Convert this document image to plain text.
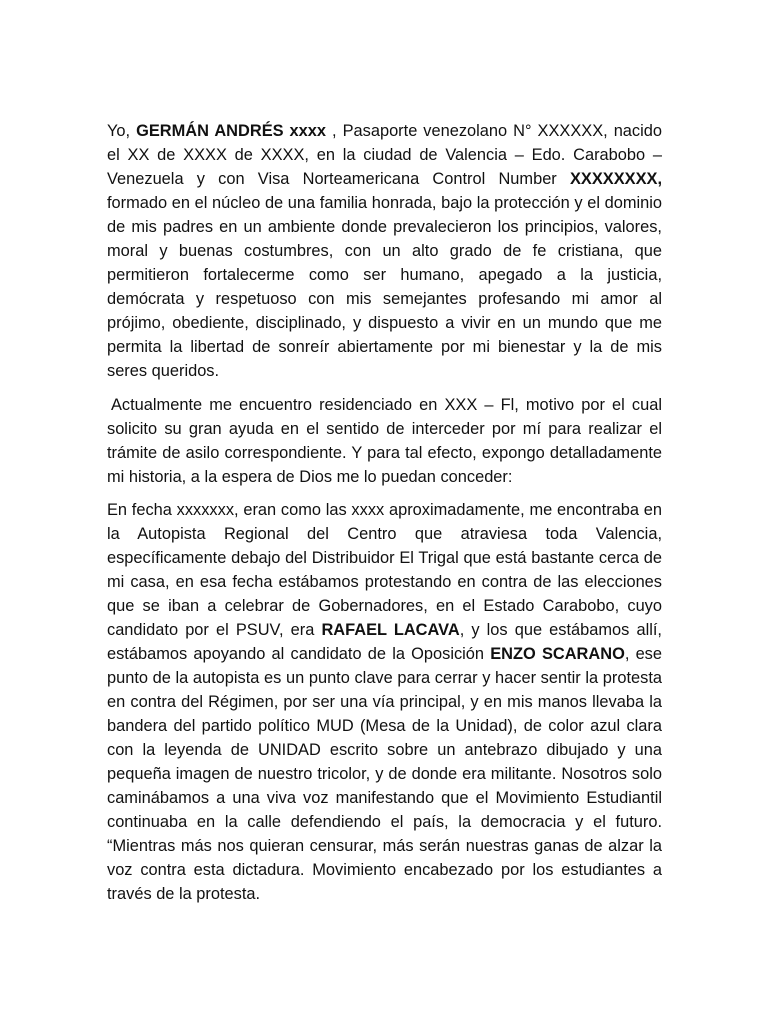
Yo, GERMÁN ANDRÉS xxxx , Pasaporte venezolano N° XXXXXX, nacido el XX de XXXX de XXXX, en la ciudad de Valencia – Edo. Carabobo – Venezuela y con Visa Norteamericana Control Number XXXXXXXX, formado en el núcleo de una familia honrada, bajo la protección y el dominio de mis padres en un ambiente donde prevalecieron los principios, valores, moral y buenas costumbres, con un alto grado de fe cristiana, que permitieron fortalecerme como ser humano, apegado a la justicia, demócrata y respetuoso con mis semejantes profesando mi amor al prójimo, obediente, disciplinado, y dispuesto a vivir en un mundo que me permita la libertad de sonreír abiertamente por mi bienestar y la de mis seres queridos.

Actualmente me encuentro residenciado en XXX – Fl, motivo por el cual solicito su gran ayuda en el sentido de interceder por mí para realizar el trámite de asilo correspondiente. Y para tal efecto, expongo detalladamente mi historia, a la espera de Dios me lo puedan conceder:

En fecha xxxxxxx, eran como las xxxx aproximadamente, me encontraba en la Autopista Regional del Centro que atraviesa toda Valencia, específicamente debajo del Distribuidor El Trigal que está bastante cerca de mi casa, en esa fecha estábamos protestando en contra de las elecciones que se iban a celebrar de Gobernadores, en el Estado Carabobo, cuyo candidato por el PSUV, era RAFAEL LACAVA, y los que estábamos allí, estábamos apoyando al candidato de la Oposición ENZO SCARANO, ese punto de la autopista es un punto clave para cerrar y hacer sentir la protesta en contra del Régimen, por ser una vía principal, y en mis manos llevaba la bandera del partido político MUD (Mesa de la Unidad), de color azul clara con la leyenda de UNIDAD escrito sobre un antebrazo dibujado y una pequeña imagen de nuestro tricolor, y de donde era militante. Nosotros solo caminábamos a una viva voz manifestando que el Movimiento Estudiantil continuaba en la calle defendiendo el país, la democracia y el futuro. “Mientras más nos quieran censurar, más serán nuestras ganas de alzar la voz contra esta dictadura. Movimiento encabezado por los estudiantes a través de la protesta.
